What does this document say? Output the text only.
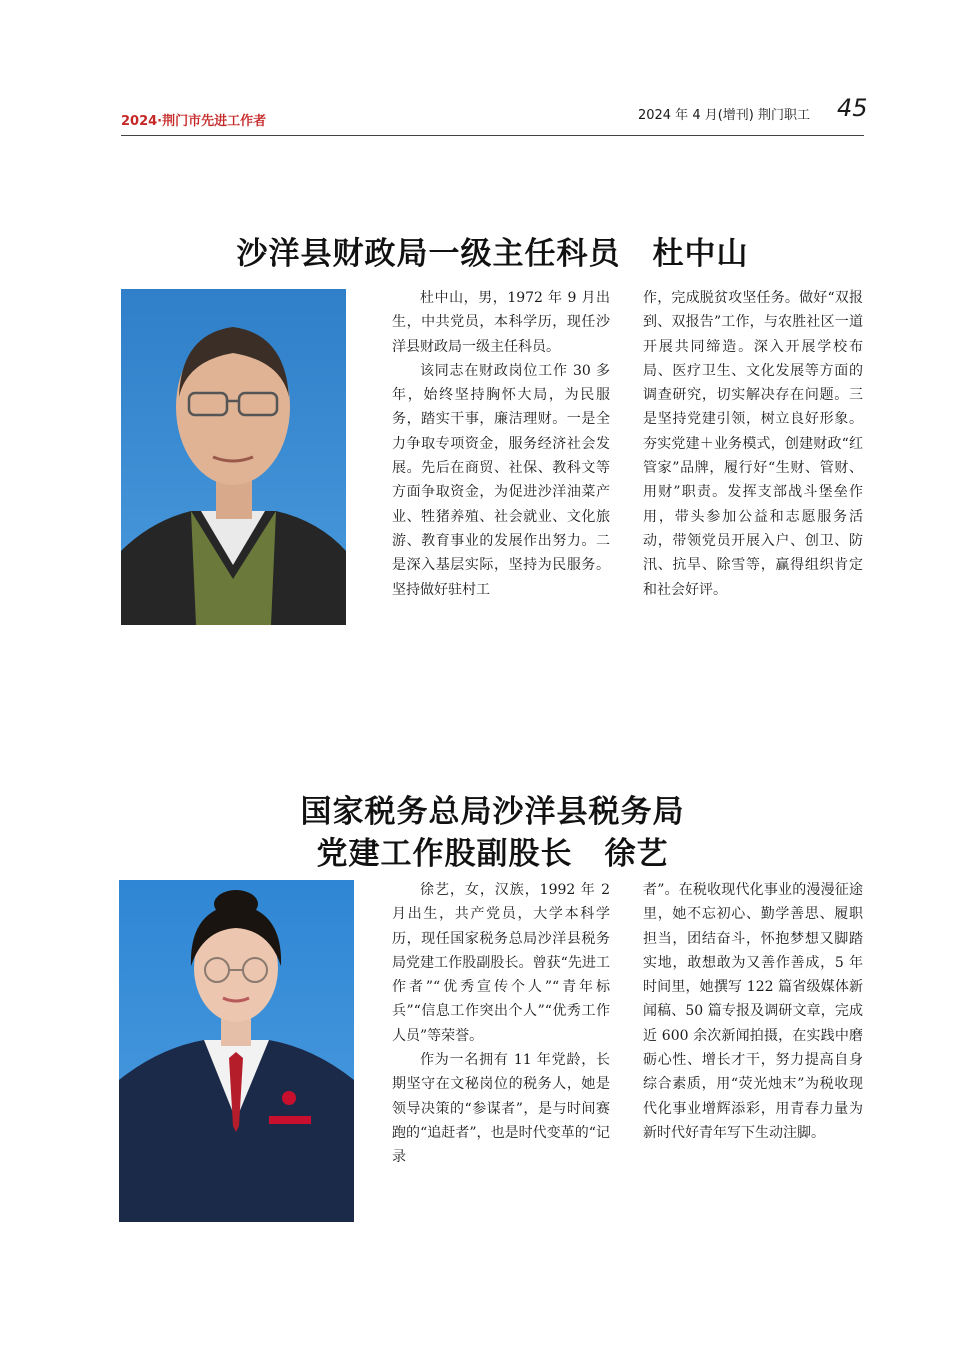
2024·荆门市先进工作者	2024 年 4 月(增刊) 荆门职工 45
沙洋县财政局一级主任科员　杜中山

杜中山，男，1972 年 9 月出生，中共党员，本科学历，现任沙洋县财政局一级主任科员。

该同志在财政岗位工作 30 多年，始终坚持胸怀大局，为民服务，踏实干事，廉洁理财。一是全力争取专项资金，服务经济社会发展。先后在商贸、社保、教科文等方面争取资金，为促进沙洋油菜产业、牲猪养殖、社会就业、文化旅游、教育事业的发展作出努力。二是深入基层实际，坚持为民服务。坚持做好驻村工

作，完成脱贫攻坚任务。做好“双报到、双报告”工作，与农胜社区一道开展共同缔造。深入开展学校布局、医疗卫生、文化发展等方面的调查研究，切实解决存在问题。三是坚持党建引领，树立良好形象。夯实党建＋业务模式，创建财政“红管家”品牌，履行好“生财、管财、用财”职责。发挥支部战斗堡垒作用，带头参加公益和志愿服务活动，带领党员开展入户、创卫、防汛、抗旱、除雪等，赢得组织肯定和社会好评。

国家税务总局沙洋县税务局
党建工作股副股长　徐艺

徐艺，女，汉族，1992 年 2 月出生，共产党员，大学本科学历，现任国家税务总局沙洋县税务局党建工作股副股长。曾获“先进工作者”“优秀宣传个人”“青年标兵”“信息工作突出个人”“优秀工作人员”等荣誉。

作为一名拥有 11 年党龄，长期坚守在文秘岗位的税务人，她是领导决策的“参谋者”，是与时间赛跑的“追赶者”，也是时代变革的“记录

者”。在税收现代化事业的漫漫征途里，她不忘初心、勤学善思、履职担当，团结奋斗，怀抱梦想又脚踏实地，敢想敢为又善作善成，5 年时间里，她撰写 122 篇省级媒体新闻稿、50 篇专报及调研文章，完成近 600 余次新闻拍摄，在实践中磨砺心性、增长才干，努力提高自身综合素质，用“荧光烛末”为税收现代化事业增辉添彩，用青春力量为新时代好青年写下生动注脚。
